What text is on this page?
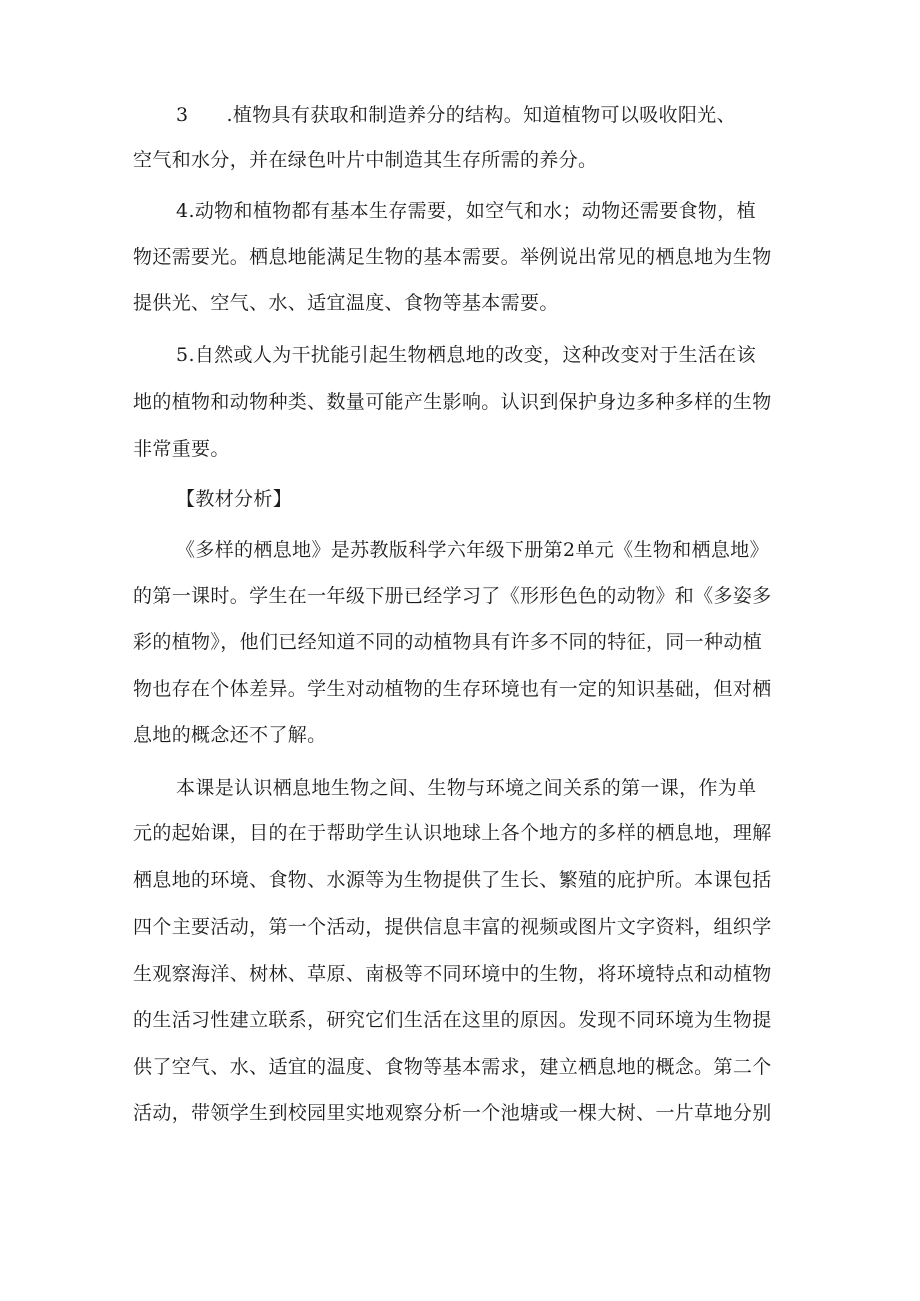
3 .植物具有获取和制造养分的结构。知道植物可以吸收阳光、
空气和水分，并在绿色叶片中制造其生存所需的养分。
4.动物和植物都有基本生存需要，如空气和水；动物还需要食物，植
物还需要光。栖息地能满足生物的基本需要。举例说出常见的栖息地为生物
提供光、空气、水、适宜温度、食物等基本需要。
5.自然或人为干扰能引起生物栖息地的改变，这种改变对于生活在该
地的植物和动物种类、数量可能产生影响。认识到保护身边多种多样的生物
非常重要。
【教材分析】
《多样的栖息地》是苏教版科学六年级下册第2单元《生物和栖息地》
的第一课时。学生在一年级下册已经学习了《形形色色的动物》和《多姿多
彩的植物》，他们已经知道不同的动植物具有许多不同的特征，同一种动植
物也存在个体差异。学生对动植物的生存环境也有一定的知识基础，但对栖
息地的概念还不了解。
本课是认识栖息地生物之间、生物与环境之间关系的第一课，作为单
元的起始课，目的在于帮助学生认识地球上各个地方的多样的栖息地，理解
栖息地的环境、食物、水源等为生物提供了生长、繁殖的庇护所。本课包括
四个主要活动，第一个活动，提供信息丰富的视频或图片文字资料，组织学
生观察海洋、树林、草原、南极等不同环境中的生物，将环境特点和动植物
的生活习性建立联系，研究它们生活在这里的原因。发现不同环境为生物提
供了空气、水、适宜的温度、食物等基本需求，建立栖息地的概念。第二个
活动，带领学生到校园里实地观察分析一个池塘或一棵大树、一片草地分别
